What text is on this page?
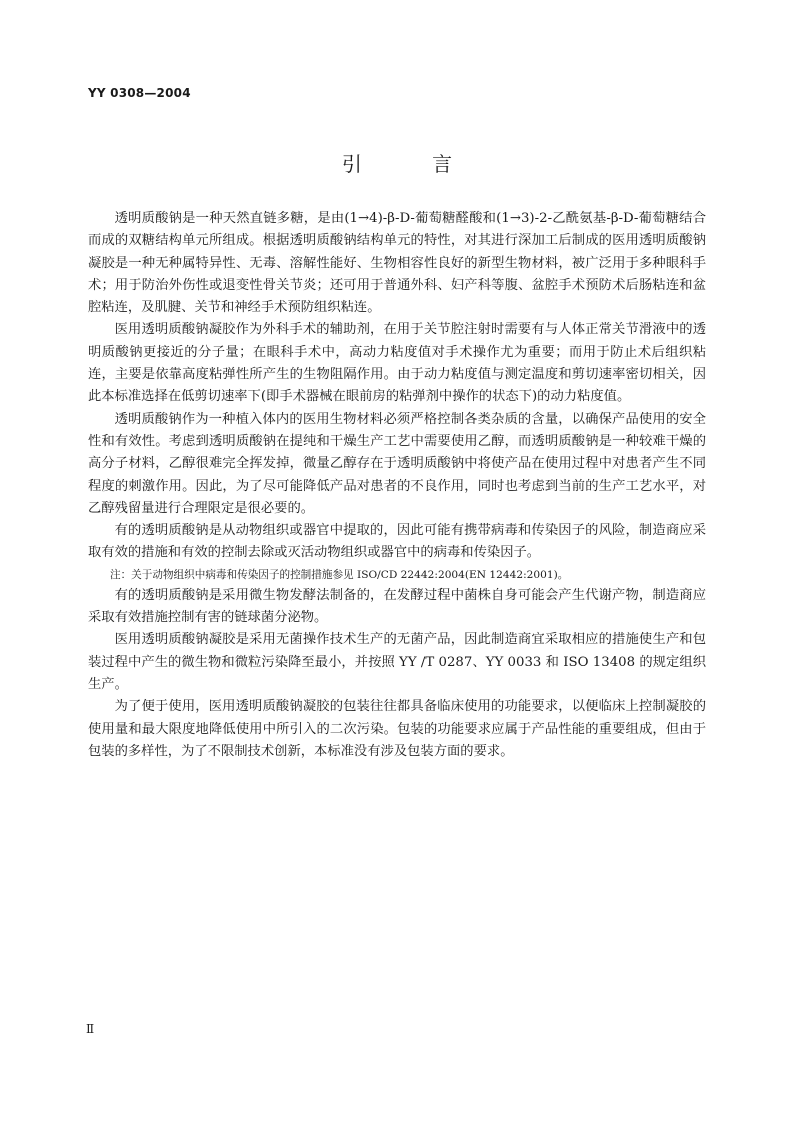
YY 0308—2004
引 言

透明质酸钠是一种天然直链多糖，是由(1→4)-β-D-葡萄糖醛酸和(1→3)-2-乙酰氨基-β-D-葡萄糖结合而成的双糖结构单元所组成。根据透明质酸钠结构单元的特性，对其进行深加工后制成的医用透明质酸钠凝胶是一种无种属特异性、无毒、溶解性能好、生物相容性良好的新型生物材料，被广泛用于多种眼科手术；用于防治外伤性或退变性骨关节炎；还可用于普通外科、妇产科等腹、盆腔手术预防术后肠粘连和盆腔粘连，及肌腱、关节和神经手术预防组织粘连。

医用透明质酸钠凝胶作为外科手术的辅助剂，在用于关节腔注射时需要有与人体正常关节滑液中的透明质酸钠更接近的分子量；在眼科手术中，高动力粘度值对手术操作尤为重要；而用于防止术后组织粘连，主要是依靠高度粘弹性所产生的生物阻隔作用。由于动力粘度值与测定温度和剪切速率密切相关，因此本标准选择在低剪切速率下(即手术器械在眼前房的粘弹剂中操作的状态下)的动力粘度值。

透明质酸钠作为一种植入体内的医用生物材料必须严格控制各类杂质的含量，以确保产品使用的安全性和有效性。考虑到透明质酸钠在提纯和干燥生产工艺中需要使用乙醇，而透明质酸钠是一种较难干燥的高分子材料，乙醇很难完全挥发掉，微量乙醇存在于透明质酸钠中将使产品在使用过程中对患者产生不同程度的刺激作用。因此，为了尽可能降低产品对患者的不良作用，同时也考虑到当前的生产工艺水平，对乙醇残留量进行合理限定是很必要的。

有的透明质酸钠是从动物组织或器官中提取的，因此可能有携带病毒和传染因子的风险，制造商应采取有效的措施和有效的控制去除或灭活动物组织或器官中的病毒和传染因子。

注：关于动物组织中病毒和传染因子的控制措施参见 ISO/CD 22442:2004(EN 12442:2001)。

有的透明质酸钠是采用微生物发酵法制备的，在发酵过程中菌株自身可能会产生代谢产物，制造商应采取有效措施控制有害的链球菌分泌物。

医用透明质酸钠凝胶是采用无菌操作技术生产的无菌产品，因此制造商宜采取相应的措施使生产和包装过程中产生的微生物和微粒污染降至最小，并按照 YY /T 0287、YY 0033 和 ISO 13408 的规定组织生产。

为了便于使用，医用透明质酸钠凝胶的包装往往都具备临床使用的功能要求，以便临床上控制凝胶的使用量和最大限度地降低使用中所引入的二次污染。包装的功能要求应属于产品性能的重要组成，但由于包装的多样性，为了不限制技术创新，本标准没有涉及包装方面的要求。

Ⅱ
